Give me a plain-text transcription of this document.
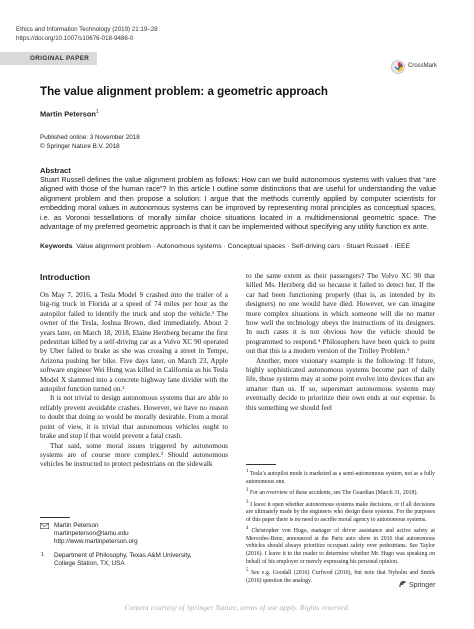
Ethics and Information Technology (2019) 21:19–28
https://doi.org/10.1007/s10676-018-9486-0
ORIGINAL PAPER
CrossMark
The value alignment problem: a geometric approach
Martin Peterson$^1$
Published online: 3 November 2018
© Springer Nature B.V. 2018
Abstract
Stuart Russell defines the value alignment problem as follows: How can we build autonomous systems with values that “are aligned with those of the human race”? In this article I outline some distinctions that are useful for understanding the value alignment problem and then propose a solution: I argue that the methods currently applied by computer scientists for embedding moral values in autonomous systems can be improved by representing moral principles as conceptual spaces, i.e. as Voronoi tessellations of morally similar choice situations located in a multidimensional geometric space. The advantage of my preferred geometric approach is that it can be implemented without specifying any utility function ex ante.
Keywords Value alignment problem · Autonomous systems · Conceptual spaces · Self-driving cars · Stuart Russell · IEEE
Introduction

On May 7, 2016, a Tesla Model S crashed into the trailer of a big-rig truck in Florida at a speed of 74 miles per hour as the autopilot failed to identify the truck and stop the vehicle.¹ The owner of the Tesla, Joshua Brown, died immediately. About 2 years later, on March 18, 2018, Elaine Herzberg became the first pedestrian killed by a self-driving car as a Volvo XC 90 operated by Uber failed to brake as she was crossing a street in Tempe, Arizona pushing her bike. Five days later, on March 23, Apple software engineer Wei Hung was killed in California as his Tesla Model X slammed into a concrete highway lane divider with the autopilot function turned on.²

It is not trivial to design autonomous systems that are able to reliably prevent avoidable crashes. However, we have no reason to doubt that doing so would be morally desirable. From a moral point of view, it is trivial that autonomous vehicles ought to brake and stop if that would prevent a fatal crash.

That said, some moral issues triggered by autonomous systems are of course more complex.³ Should autonomous vehicles be instructed to protect pedestrians on the sidewalk

to the same extent as their passengers? The Volvo XC 90 that killed Ms. Herzberg did so because it failed to detect her. If the car had been functioning properly (that is, as intended by its designers) no one would have died. However, we can imagine more complex situations in which someone will die no matter how well the technology obeys the instructions of its designers. In such cases it is not obvious how the vehicle should be programmed to respond.⁴ Philosophers have been quick to point out that this is a modern version of the Trolley Problem.⁵

Another, more visionary example is the following: If future, highly sophisticated autonomous systems become part of daily life, those systems may at some point evolve into devices that are smarter than us. If so, supersmart autonomous systems may eventually decide to prioritize their own ends at our expense. Is this something we should feel

Martin Peterson
martinpeterson@tamu.edu
http://www.martinpeterson.org
1 Department of Philosophy, Texas A&M University,
College Station, TX, USA
$^1$ Tesla’s autopilot mode is marketed as a semi-autonomous system, not as a fully autonomous one.
$^2$ For an overview of these accidents, see The Guardian (March 31, 2018).
$^3$ I leave it open whether autonomous systems make decisions, or if all decisions are ultimately made by the engineers who design these systems. For the purposes of this paper there is no need to ascribe moral agency to autonomous systems.
$^4$ Christopher von Hugo, manager of driver assistance and active safety at Mercedes-Benz, announced at the Paris auto show in 2016 that autonomous vehicles should always prioritize occupant safety over pedestrians. See Taylor (2016). I leave it to the reader to determine whether Mr. Hugo was speaking on behalf of his employer or merely expressing his personal opinion.
$^5$ See e.g. Goodall (2016) Curfwod (2016), but note that Nyholm and Smids (2016) question the analogy.
Springer
Content courtesy of Springer Nature, terms of use apply. Rights reserved.
